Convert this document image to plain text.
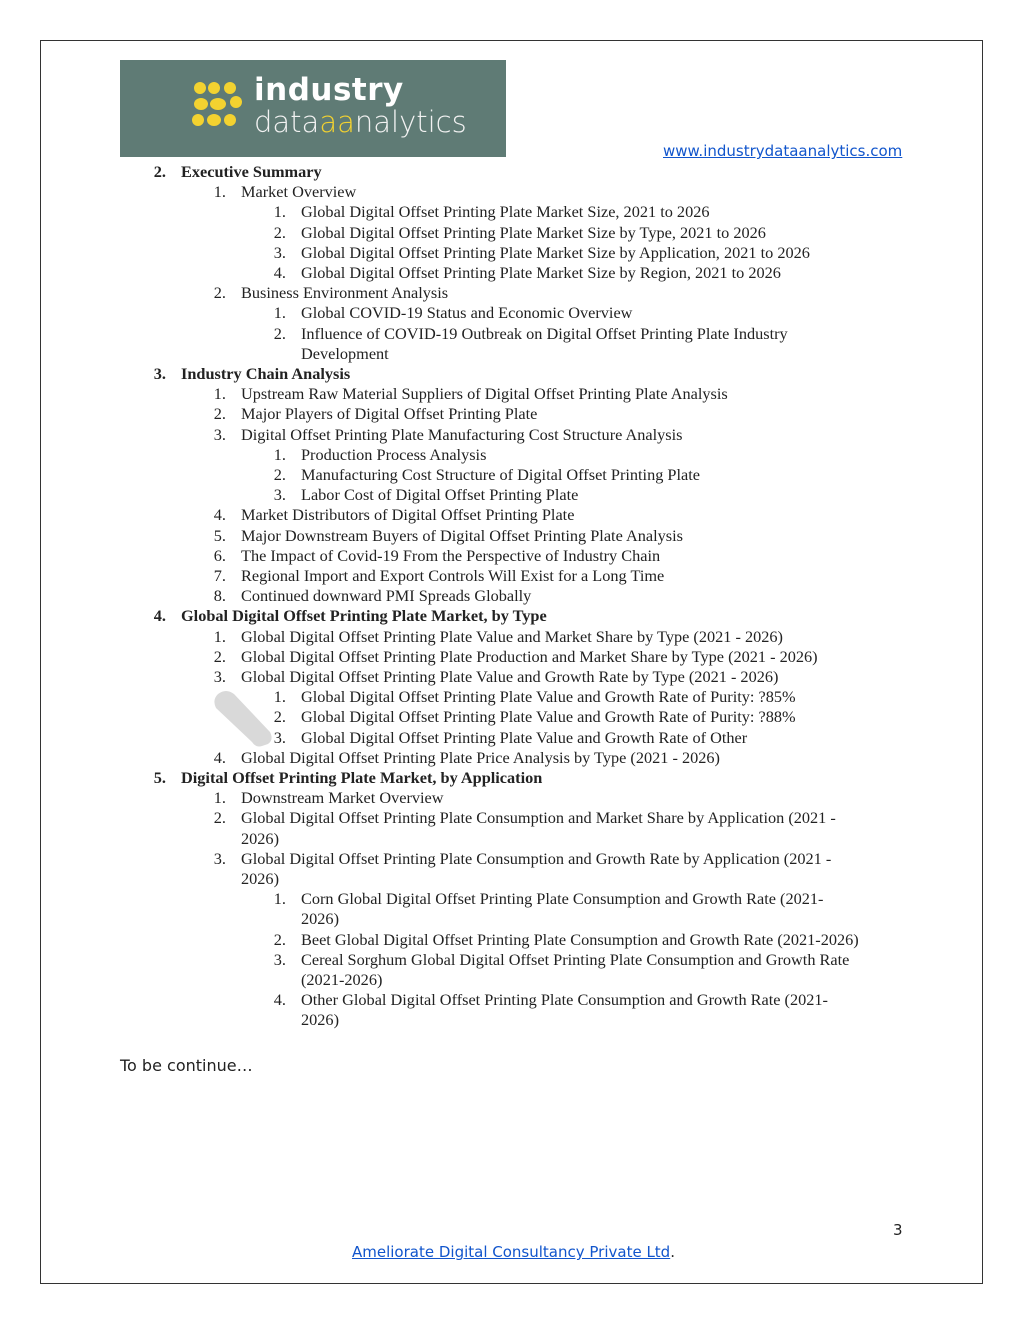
industry
dataaanalytics
www.industrydataanalytics.com
2. Executive Summary
1. Market Overview
1. Global Digital Offset Printing Plate Market Size, 2021 to 2026
2. Global Digital Offset Printing Plate Market Size by Type, 2021 to 2026
3. Global Digital Offset Printing Plate Market Size by Application, 2021 to 2026
4. Global Digital Offset Printing Plate Market Size by Region, 2021 to 2026
2. Business Environment Analysis
1. Global COVID-19 Status and Economic Overview
2. Influence of COVID-19 Outbreak on Digital Offset Printing Plate Industry
Development
3. Industry Chain Analysis
1. Upstream Raw Material Suppliers of Digital Offset Printing Plate Analysis
2. Major Players of Digital Offset Printing Plate
3. Digital Offset Printing Plate Manufacturing Cost Structure Analysis
1. Production Process Analysis
2. Manufacturing Cost Structure of Digital Offset Printing Plate
3. Labor Cost of Digital Offset Printing Plate
4. Market Distributors of Digital Offset Printing Plate
5. Major Downstream Buyers of Digital Offset Printing Plate Analysis
6. The Impact of Covid-19 From the Perspective of Industry Chain
7. Regional Import and Export Controls Will Exist for a Long Time
8. Continued downward PMI Spreads Globally
4. Global Digital Offset Printing Plate Market, by Type
1. Global Digital Offset Printing Plate Value and Market Share by Type (2021 - 2026)
2. Global Digital Offset Printing Plate Production and Market Share by Type (2021 - 2026)
3. Global Digital Offset Printing Plate Value and Growth Rate by Type (2021 - 2026)
1. Global Digital Offset Printing Plate Value and Growth Rate of Purity: ?85%
2. Global Digital Offset Printing Plate Value and Growth Rate of Purity: ?88%
3. Global Digital Offset Printing Plate Value and Growth Rate of Other
4. Global Digital Offset Printing Plate Price Analysis by Type (2021 - 2026)
5. Digital Offset Printing Plate Market, by Application
1. Downstream Market Overview
2. Global Digital Offset Printing Plate Consumption and Market Share by Application (2021 -
2026)
3. Global Digital Offset Printing Plate Consumption and Growth Rate by Application (2021 -
2026)
1. Corn Global Digital Offset Printing Plate Consumption and Growth Rate (2021-
2026)
2. Beet Global Digital Offset Printing Plate Consumption and Growth Rate (2021-2026)
3. Cereal Sorghum Global Digital Offset Printing Plate Consumption and Growth Rate
(2021-2026)
4. Other Global Digital Offset Printing Plate Consumption and Growth Rate (2021-
2026)
To be continue…
3
Ameliorate Digital Consultancy Private Ltd.
